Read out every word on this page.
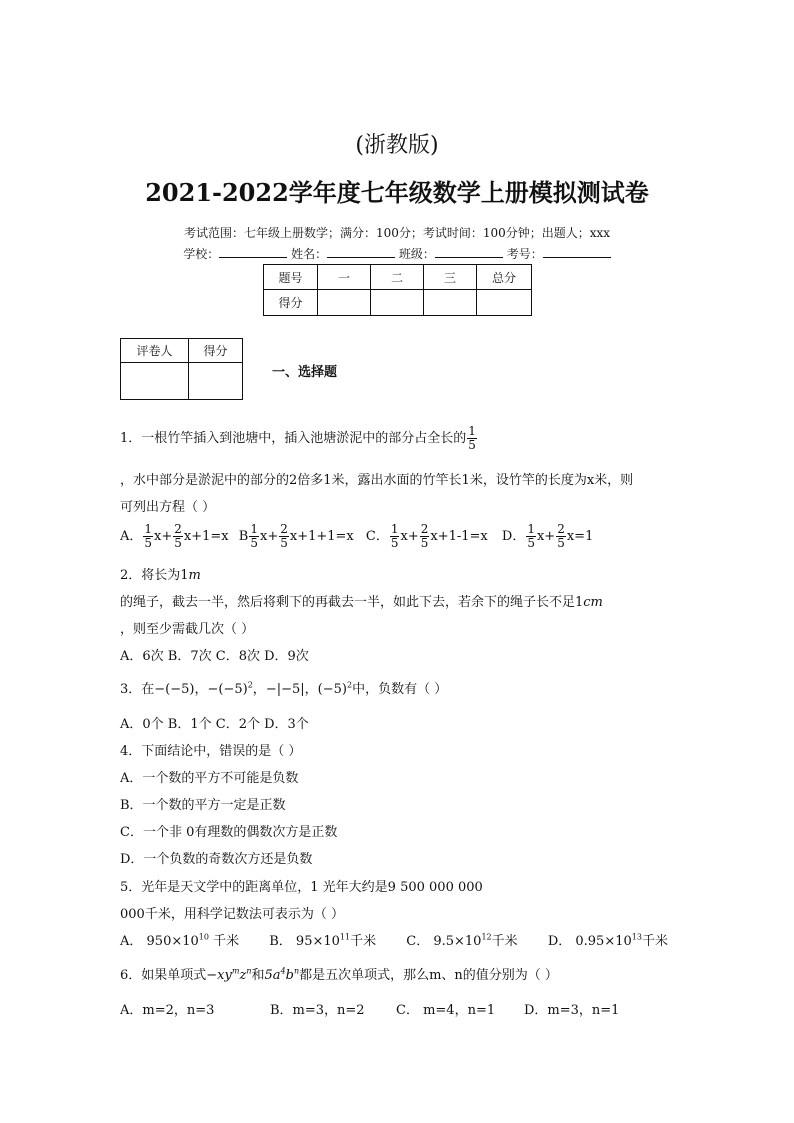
(浙教版)
2021-2022学年度七年级数学上册模拟测试卷
考试范围：七年级上册数学；满分：100分；考试时间：100分钟；出题人；xxx
学校：	姓名：	班级：	考号：
题号	一	二	三	总分
得分				
评卷人	得分

一、选择题
1．一根竹竿插入到池塘中，插入池塘淤泥中的部分占全长的 $\frac{1}{5}$
，水中部分是淤泥中的部分的2倍多1米，露出水面的竹竿长1米，设竹竿的长度为x米，则
可列出方程（ ）
A． $\frac{1}{5} x+ \frac{2}{5} x+1=x$ B $\frac{1}{5} x+ \frac{2}{5} x+1+1=x$ C． $\frac{1}{5} x+ \frac{2}{5} x+1-1=x$ D． $\frac{1}{5} x+ \frac{2}{5} x=1$
2．将长为1m
的绳子，截去一半，然后将剩下的再截去一半，如此下去，若余下的绳子长不足1cm
，则至少需截几次（ ）
A．6次 B．7次 C．8次 D．9次
3．在−(−5)，$-(-5)^2$，−|−5|，$(-5)^2$中，负数有（ ）
A．0个 B．1个 C．2个 D．3个
4．下面结论中，错误的是（ ）
A．一个数的平方不可能是负数
B．一个数的平方一定是正数
C．一个非 0有理数的偶数次方是正数
D．一个负数的奇数次方还是负数
5．光年是天文学中的距离单位，1 光年大约是9 500 000 000
000千米，用科学记数法可表示为（ ）
A． $950\times 10^{10}$ 千米 B． $95\times 10^{11}$千米 C． $9.5\times 10^{12}$千米 D． $0.95\times 10^{13}$千米
6．如果单项式$-xy^mz^n$和$5a^4b^n$都是五次单项式，那么m、n的值分别为（ ）
A．m=2，n=3	B．m=3，n=2 C． m=4，n=1 D．m=3，n=1
